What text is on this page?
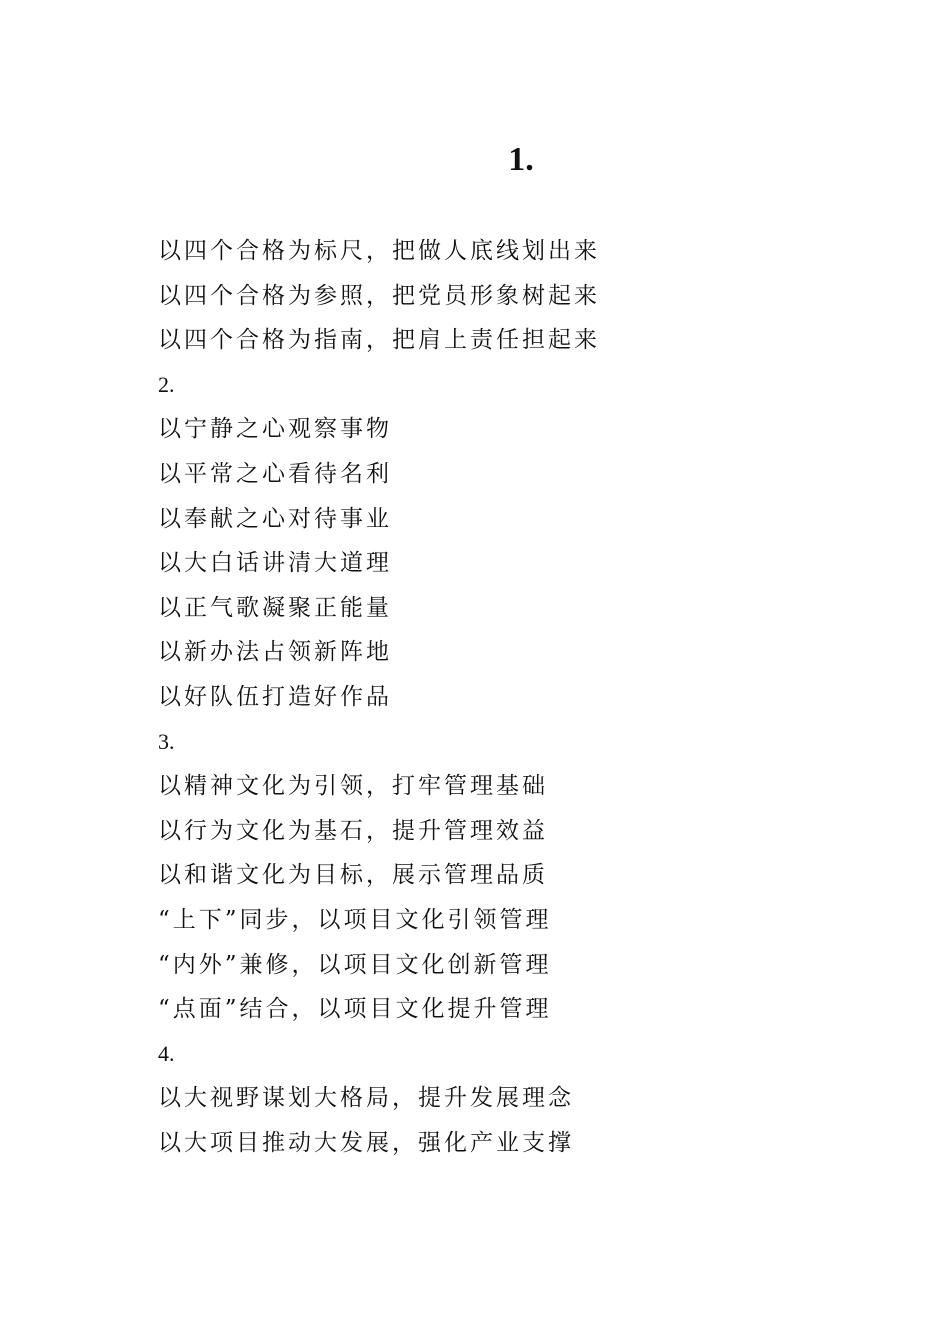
1.
以四个合格为标尺，把做人底线划出来
以四个合格为参照，把党员形象树起来
以四个合格为指南，把肩上责任担起来
2.
以宁静之心观察事物
以平常之心看待名利
以奉献之心对待事业
以大白话讲清大道理
以正气歌凝聚正能量
以新办法占领新阵地
以好队伍打造好作品
3.
以精神文化为引领，打牢管理基础
以行为文化为基石，提升管理效益
以和谐文化为目标，展示管理品质
“上下”同步，以项目文化引领管理
“内外”兼修，以项目文化创新管理
“点面”结合，以项目文化提升管理
4.
以大视野谋划大格局，提升发展理念
以大项目推动大发展，强化产业支撑
